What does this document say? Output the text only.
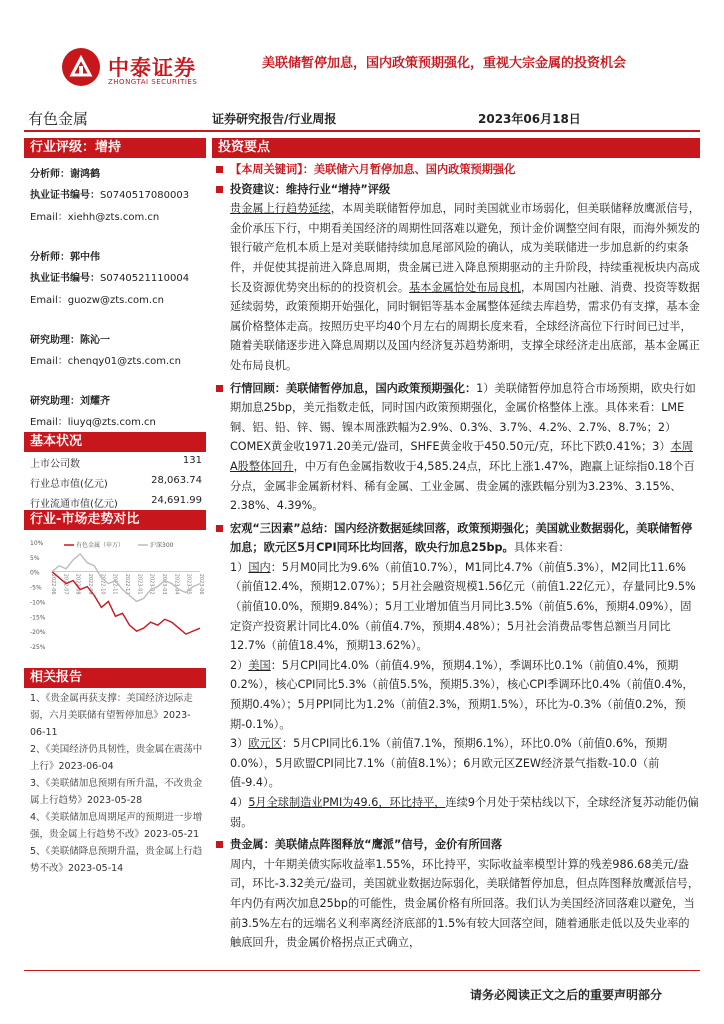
中泰证券
ZHONGTAI SECURITIES
美联储暂停加息，国内政策预期强化，重视大宗金属的投资机会
有色金属	证券研究报告/行业周报	2023年06月18日
行业评级：增持
分析师：谢鸿鹤
执业证书编号：S0740517080003
Email：xiehh@zts.com.cn
分析师：郭中伟
执业证书编号：S0740521110004
Email：guozw@zts.com.cn
研究助理：陈沁一
Email：chenqy01@zts.com.cn
研究助理：刘耀齐
Email：liuyq@zts.com.cn
基本状况
上市公司数	131
行业总市值(亿元)	28,063.74
行业流通市值(亿元)	24,691.99
行业-市场走势对比
10%
5%
0%
-5%
-10%
-15%
-20%
-25%
2022-06 2022-07 2022-08 2022-09 2022-10 2022-11 2022-12 2023-01 2023-02 2023-03 2023-04 2023-05 2023-06
有色金属（申万）	沪深300
相关报告
1、《贵金属再获支撑：美国经济边际走弱，六月美联储有望暂停加息》2023-06-11
2、《美国经济仍具韧性，贵金属在震荡中上行》2023-06-04
3、《美联储加息预期有所升温，不改贵金属上行趋势》2023-05-28
4、《美联储加息周期尾声的预期进一步增强，贵金属上行趋势不改》2023-05-21
5、《美联储降息预期升温，贵金属上行趋势不改》2023-05-14
投资要点
【本周关键词】：美联储六月暂停加息、国内政策预期强化
投资建议：维持行业“增持”评级
贵金属上行趋势延续，本周美联储暂停加息，同时美国就业市场弱化，但美联储释放鹰派信号，金价承压下行，中期看美国经济的周期性回落难以避免，预计金价调整空间有限，而海外频发的银行破产危机本质上是对美联储持续加息尾部风险的确认，成为美联储进一步加息新的约束条件，并促使其提前进入降息周期，贵金属已进入降息预期驱动的主升阶段，持续重视板块内高成长及资源优势突出标的的投资机会。基本金属恰处布局良机，本周国内社融、消费、投资等数据延续弱势，政策预期开始强化，同时铜铝等基本金属整体延续去库趋势，需求仍有支撑，基本金属价格整体走高。按照历史平均40个月左右的周期长度来看，全球经济高位下行时间已过半，随着美联储逐步进入降息周期以及国内经济复苏趋势渐明，支撑全球经济走出底部，基本金属正处布局良机。
行情回顾：美联储暂停加息，国内政策预期强化：1）美联储暂停加息符合市场预期，欧央行如期加息25bp，美元指数走低，同时国内政策预期强化，金属价格整体上涨。具体来看：LME铜、铝、铅、锌、锡、镍本周涨跌幅为2.9%、0.3%、3.7%、4.2%、2.7%、8.7%；2）COMEX黄金收1971.20美元/盎司，SHFE黄金收于450.50元/克，环比下跌0.41%；3）本周A股整体回升，中万有色金属指数收于4,585.24点，环比上涨1.47%，跑赢上证综指0.18个百分点，金属非金属新材料、稀有金属、工业金属、贵金属的涨跌幅分别为3.23%、3.15%、2.38%、4.39%。
宏观“三因素”总结：国内经济数据延续回落，政策预期强化；美国就业数据弱化，美联储暂停加息；欧元区5月CPI同环比均回落，欧央行加息25bp。具体来看：
1）国内：5月M0同比为9.6%（前值10.7%），M1同比4.7%（前值5.3%），M2同比11.6%（前值12.4%，预期12.07%）；5月社会融资规模1.56亿元（前值1.22亿元），存量同比9.5%（前值10.0%，预期9.84%）；5月工业增加值当月同比3.5%（前值5.6%，预期4.09%），固定资产投资累计同比4.0%（前值4.7%，预期4.48%）；5月社会消费品零售总额当月同比12.7%（前值18.4%，预期13.62%）。
2）美国：5月CPI同比4.0%（前值4.9%，预期4.1%），季调环比0.1%（前值0.4%，预期0.2%），核心CPI同比5.3%（前值5.5%，预期5.3%），核心CPI季调环比0.4%（前值0.4%，预期0.4%）；5月PPI同比为1.2%（前值2.3%，预期1.5%），环比为-0.3%（前值0.2%，预期-0.1%）。
3）欧元区：5月CPI同比6.1%（前值7.1%，预期6.1%），环比0.0%（前值0.6%，预期0.0%），5月欧盟CPI同比7.1%（前值8.1%）；6月欧元区ZEW经济景气指数-10.0（前值-9.4）。
4）5月全球制造业PMI为49.6，环比持平，连续9个月处于荣枯线以下，全球经济复苏动能仍偏弱。
贵金属：美联储点阵图释放“鹰派”信号，金价有所回落
周内，十年期美债实际收益率1.55%，环比持平，实际收益率模型计算的残差986.68美元/盎司，环比-3.32美元/盎司，美国就业数据边际弱化，美联储暂停加息，但点阵图释放鹰派信号，年内仍有两次加息25bp的可能性，贵金属价格有所回落。我们认为美国经济回落难以避免，当前3.5%左右的远端名义利率离经济底部的1.5%有较大回落空间，随着通胀走低以及失业率的触底回升，贵金属价格拐点正式确立，
请务必阅读正文之后的重要声明部分
